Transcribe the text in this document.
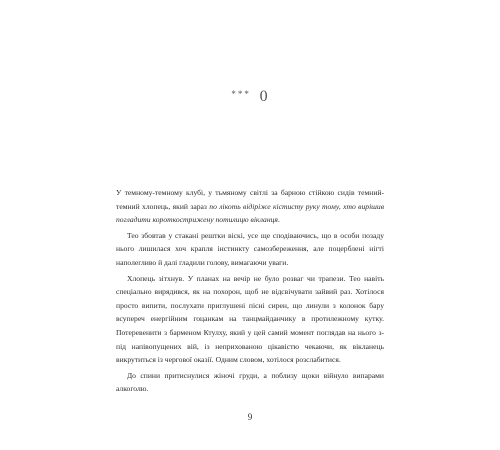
*** 0

У темному-темному клубі, у тьмяному світлі за барною стійкою сидів темний-темний хлопець, який зараз по лікоть відіріже кістисту руку тому, хто вирішив погладити короткострижену потилицю вікланця.

Тео збовтав у стакані рештки віскі, усе ще сподіваючись, що в особи позаду нього лишилася хоч крапля інстинкту самозбереження, але поцерблені нігті наполегливо й далі гладили голову, вимагаючи уваги.

Хлопець зітхнув. У планах на вечір не було розваг чи трапези. Тео навіть спеціально вирядився, як на похорон, щоб не відсвічувати зайвий раз. Хотілося просто випити, послухати приглушені пісні сирен, що линули з колонок бару всупереч енергійним гоцанкам на танцмайданчику в протилежному кутку. Потеревенити з барменом Ктулху, який у цей самий момент поглядав на нього з-під напівопущених вій, із неприхованою цікавістю чекаючи, як вікланець викрутиться із чергової оказії. Одним словом, хотілося розслабитися.

До спини притиснулися жіночі груди, а поблизу щоки війнуло випарами алкоголю.

9
